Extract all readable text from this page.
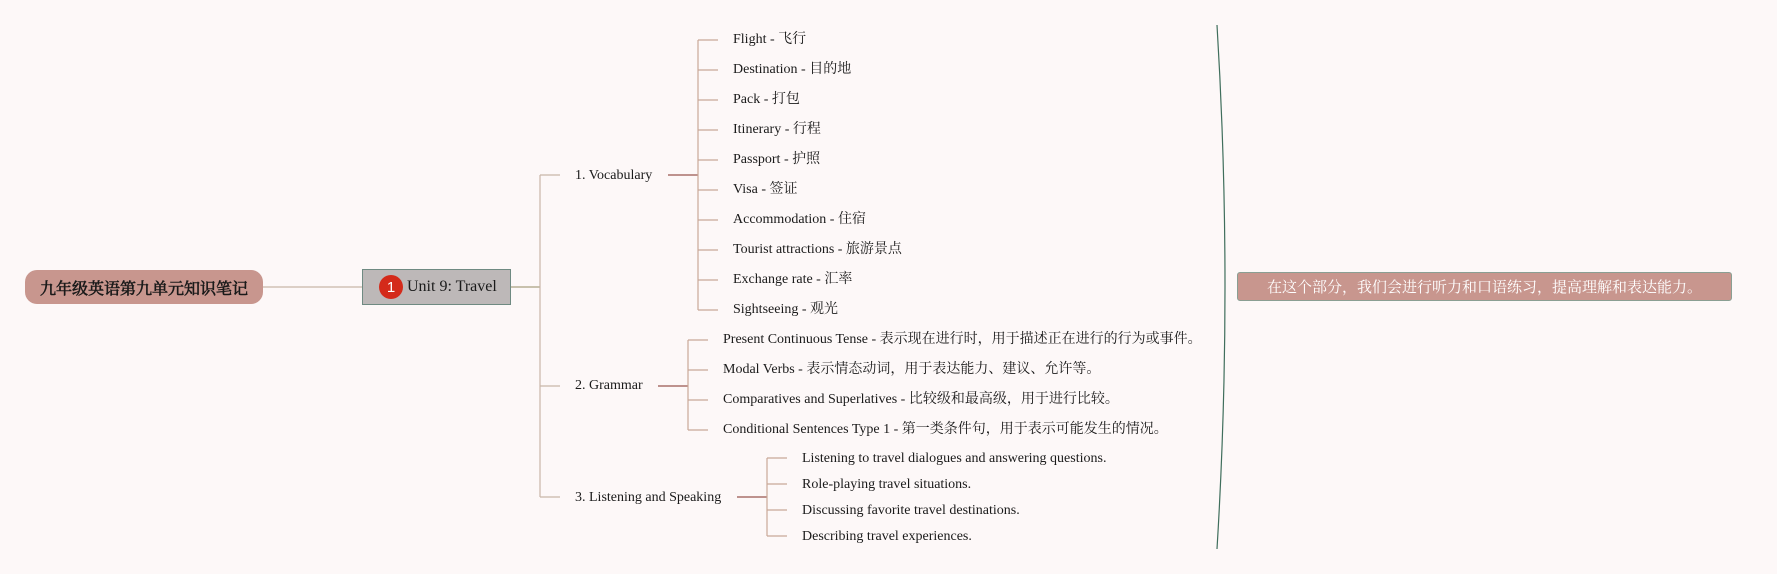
九年级英语第九单元知识笔记	1 Unit 9: Travel	在这个部分，我们会进行听力和口语练习，提高理解和表达能力。
1. Vocabulary
2. Grammar
3. Listening and Speaking
Flight - 飞行
Destination - 目的地
Pack - 打包
Itinerary - 行程
Passport - 护照
Visa - 签证
Accommodation - 住宿
Tourist attractions - 旅游景点
Exchange rate - 汇率
Sightseeing - 观光
Present Continuous Tense - 表示现在进行时，用于描述正在进行的行为或事件。
Modal Verbs - 表示情态动词，用于表达能力、建议、允许等。
Comparatives and Superlatives - 比较级和最高级，用于进行比较。
Conditional Sentences Type 1 - 第一类条件句，用于表示可能发生的情况。
Listening to travel dialogues and answering questions.
Role-playing travel situations.
Discussing favorite travel destinations.
Describing travel experiences.
